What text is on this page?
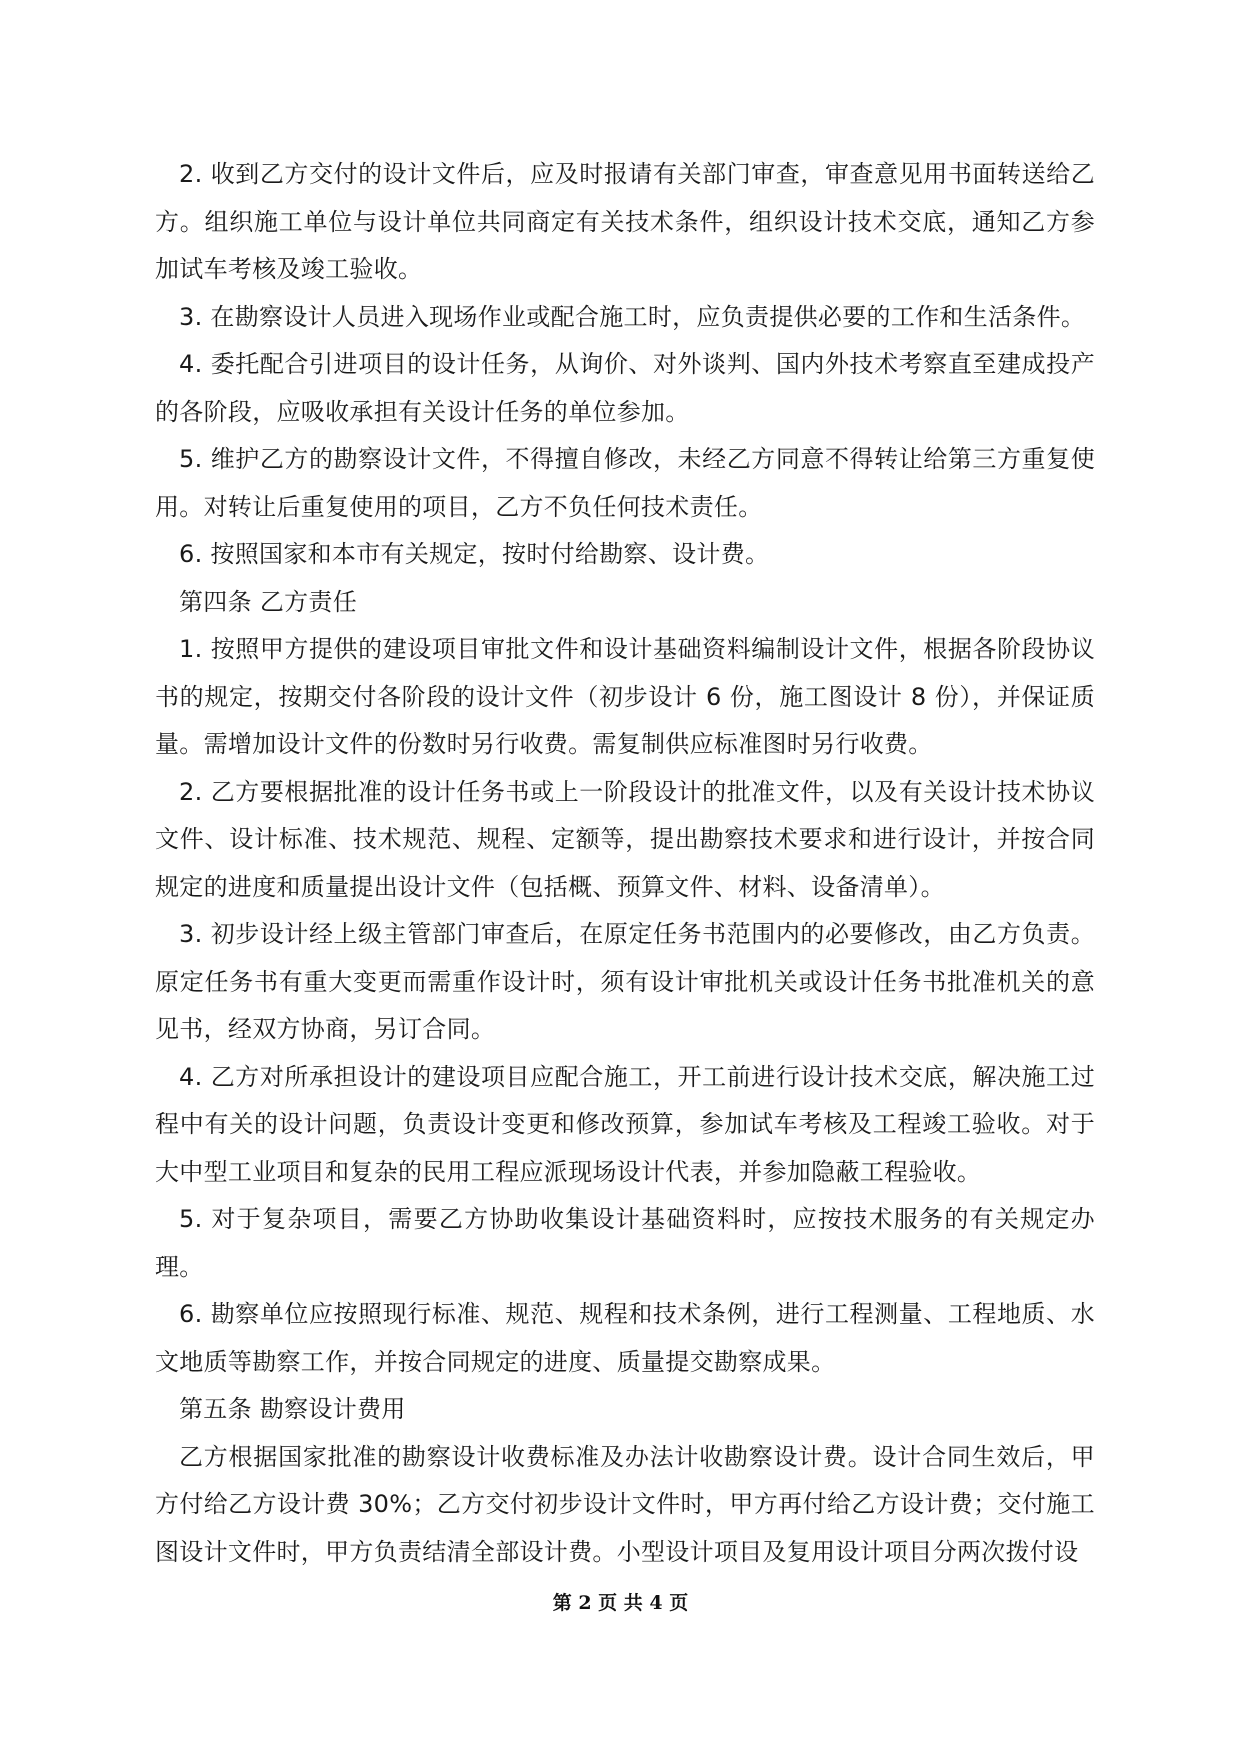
2. 收到乙方交付的设计文件后，应及时报请有关部门审查，审查意见用书面转送给乙方。组织施工单位与设计单位共同商定有关技术条件，组织设计技术交底，通知乙方参加试车考核及竣工验收。

3. 在勘察设计人员进入现场作业或配合施工时，应负责提供必要的工作和生活条件。

4. 委托配合引进项目的设计任务，从询价、对外谈判、国内外技术考察直至建成投产的各阶段，应吸收承担有关设计任务的单位参加。

5. 维护乙方的勘察设计文件，不得擅自修改，未经乙方同意不得转让给第三方重复使用。对转让后重复使用的项目，乙方不负任何技术责任。

6. 按照国家和本市有关规定，按时付给勘察、设计费。

第四条 乙方责任

1. 按照甲方提供的建设项目审批文件和设计基础资料编制设计文件，根据各阶段协议书的规定，按期交付各阶段的设计文件（初步设计 6 份，施工图设计 8 份），并保证质量。需增加设计文件的份数时另行收费。需复制供应标准图时另行收费。

2. 乙方要根据批准的设计任务书或上一阶段设计的批准文件，以及有关设计技术协议文件、设计标准、技术规范、规程、定额等，提出勘察技术要求和进行设计，并按合同规定的进度和质量提出设计文件（包括概、预算文件、材料、设备清单）。

3. 初步设计经上级主管部门审查后，在原定任务书范围内的必要修改，由乙方负责。原定任务书有重大变更而需重作设计时，须有设计审批机关或设计任务书批准机关的意见书，经双方协商，另订合同。

4. 乙方对所承担设计的建设项目应配合施工，开工前进行设计技术交底，解决施工过程中有关的设计问题，负责设计变更和修改预算，参加试车考核及工程竣工验收。对于大中型工业项目和复杂的民用工程应派现场设计代表，并参加隐蔽工程验收。

5. 对于复杂项目，需要乙方协助收集设计基础资料时，应按技术服务的有关规定办理。

6. 勘察单位应按照现行标准、规范、规程和技术条例，进行工程测量、工程地质、水文地质等勘察工作，并按合同规定的进度、质量提交勘察成果。

第五条 勘察设计费用

乙方根据国家批准的勘察设计收费标准及办法计收勘察设计费。设计合同生效后，甲方付给乙方设计费 30%；乙方交付初步设计文件时，甲方再付给乙方设计费；交付施工图设计文件时，甲方负责结清全部设计费。小型设计项目及复用设计项目分两次拨付设

第 2 页 共 4 页
